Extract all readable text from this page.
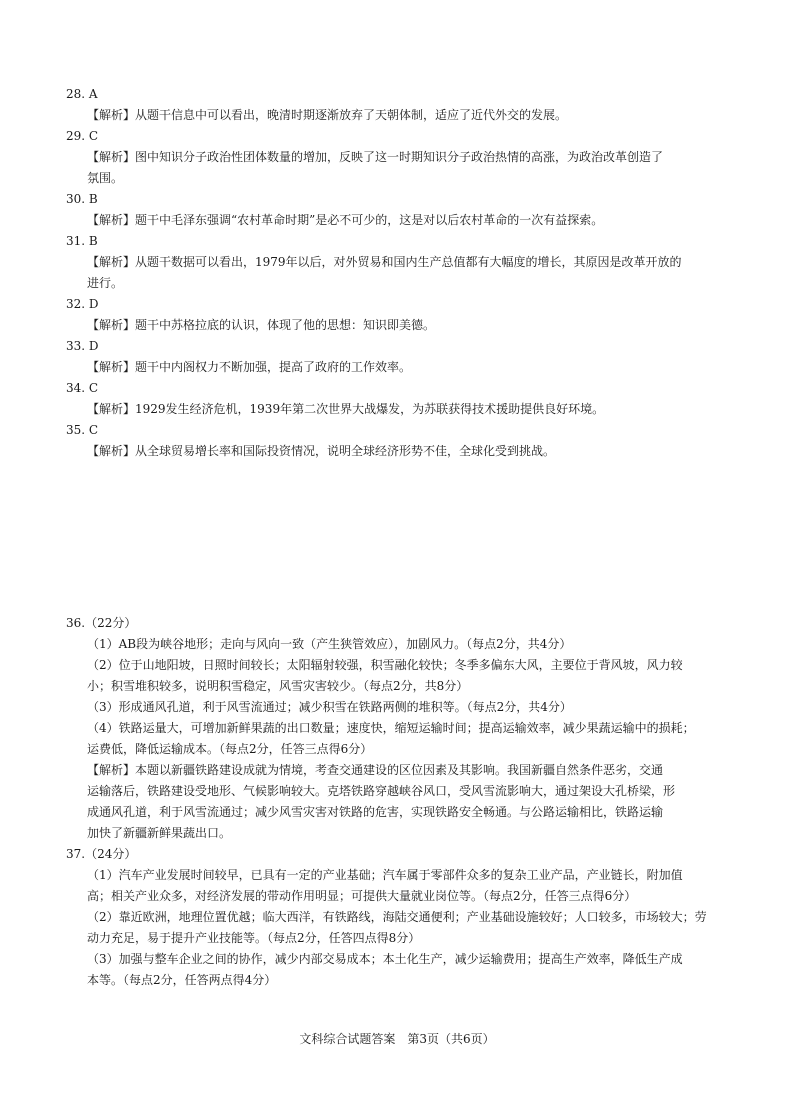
28. A
【解析】从题干信息中可以看出，晚清时期逐渐放弃了天朝体制，适应了近代外交的发展。
29. C
【解析】图中知识分子政治性团体数量的增加，反映了这一时期知识分子政治热情的高涨，为政治改革创造了
氛围。
30. B
【解析】题干中毛泽东强调“农村革命时期”是必不可少的，这是对以后农村革命的一次有益探索。
31. B
【解析】从题干数据可以看出，1979年以后，对外贸易和国内生产总值都有大幅度的增长，其原因是改革开放的
进行。
32. D
【解析】题干中苏格拉底的认识，体现了他的思想：知识即美德。
33. D
【解析】题干中内阁权力不断加强，提高了政府的工作效率。
34. C
【解析】1929发生经济危机，1939年第二次世界大战爆发，为苏联获得技术援助提供良好环境。
35. C
【解析】从全球贸易增长率和国际投资情况，说明全球经济形势不佳，全球化受到挑战。
36.（22分）
（1）AB段为峡谷地形；走向与风向一致（产生狭管效应），加剧风力。（每点2分，共4分）
（2）位于山地阳坡，日照时间较长；太阳辐射较强，积雪融化较快；冬季多偏东大风，主要位于背风坡，风力较
小；积雪堆积较多，说明积雪稳定，风雪灾害较少。（每点2分，共8分）
（3）形成通风孔道，利于风雪流通过；减少积雪在铁路两侧的堆积等。（每点2分，共4分）
（4）铁路运量大，可增加新鲜果蔬的出口数量；速度快，缩短运输时间；提高运输效率，减少果蔬运输中的损耗；
运费低，降低运输成本。（每点2分，任答三点得6分）
【解析】本题以新疆铁路建设成就为情境，考查交通建设的区位因素及其影响。我国新疆自然条件恶劣，交通
运输落后，铁路建设受地形、气候影响较大。克塔铁路穿越峡谷风口，受风雪流影响大，通过架设大孔桥梁，形
成通风孔道，利于风雪流通过；减少风雪灾害对铁路的危害，实现铁路安全畅通。与公路运输相比，铁路运输
加快了新疆新鲜果蔬出口。
37.（24分）
（1）汽车产业发展时间较早，已具有一定的产业基础；汽车属于零部件众多的复杂工业产品，产业链长，附加值
高；相关产业众多，对经济发展的带动作用明显；可提供大量就业岗位等。（每点2分，任答三点得6分）
（2）靠近欧洲，地理位置优越；临大西洋，有铁路线，海陆交通便利；产业基础设施较好；人口较多，市场较大；劳
动力充足，易于提升产业技能等。（每点2分，任答四点得8分）
（3）加强与整车企业之间的协作，减少内部交易成本；本土化生产，减少运输费用；提高生产效率，降低生产成
本等。（每点2分，任答两点得4分）
文科综合试题答案　第3页（共6页）
